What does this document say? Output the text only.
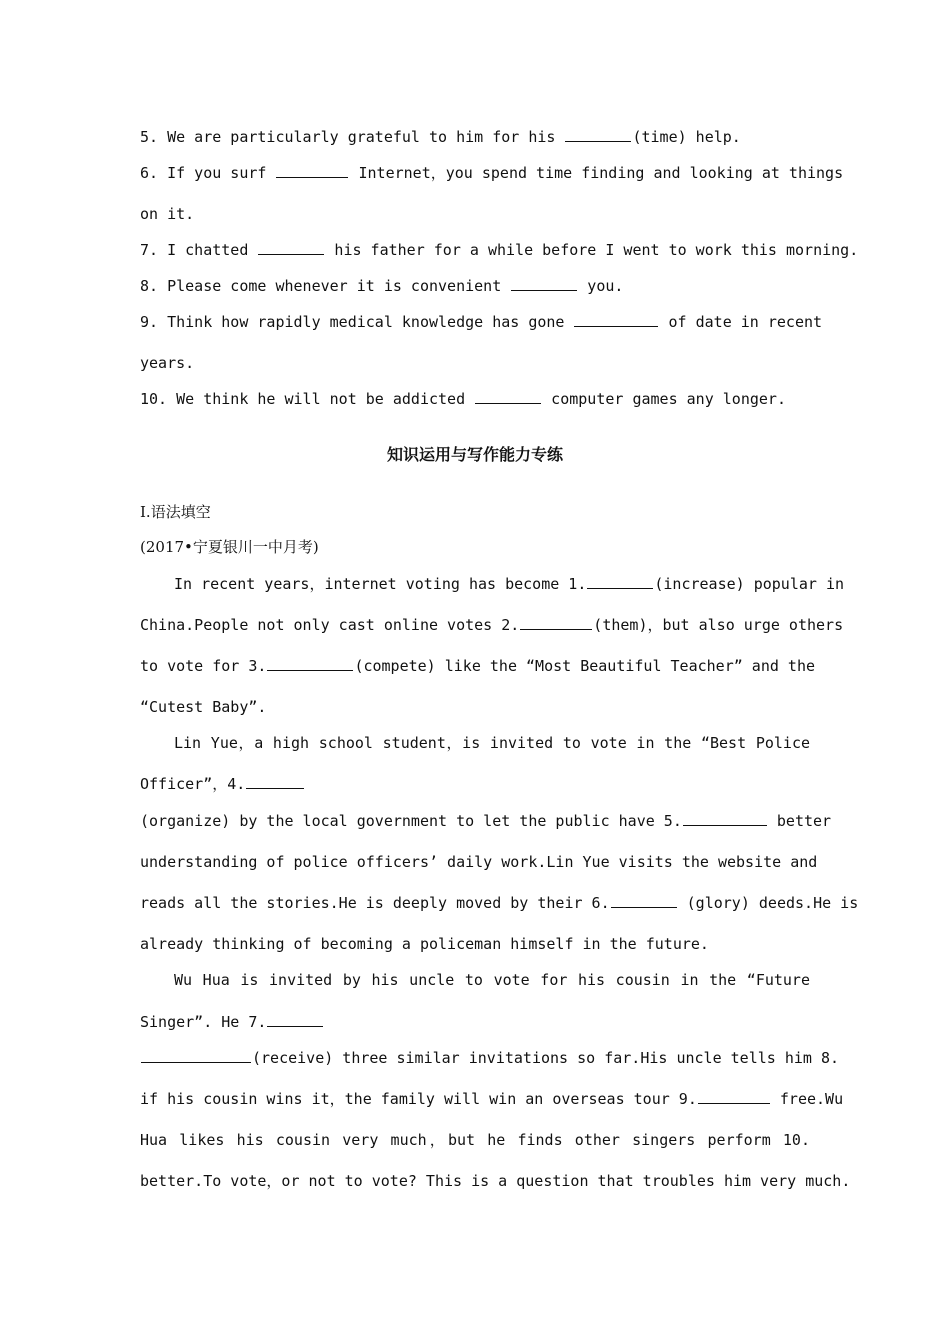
5. We are particularly grateful to him for his	(time) help.
6. If you surf	Internet，you spend time finding and looking at things
on it.
7. I chatted	his father for a while before I went to work this morning.
8. Please come whenever it is convenient	you.
9. Think how rapidly medical knowledge has gone	of date in recent
years.
10. We think he will not be addicted	computer games any longer.
知识运用与写作能力专练
Ⅰ.语法填空
(2017•宁夏银川一中月考)
In recent years，internet voting has become 1.	(increase) popular in
China.People not only cast online votes 2.	(them)，but also urge others
to vote for 3.	(compete) like the “Most Beautiful Teacher” and the
“Cutest Baby”.
Lin Yue，a high school student，is invited to vote in the “Best Police
Officer”，4.
(organize) by the local government to let the public have 5.	better
understanding of police officers’ daily work.Lin Yue visits the website and
reads all the stories.He is deeply moved by their 6.	(glory) deeds.He is
already thinking of becoming a policeman himself in the future.
Wu Hua is invited by his uncle to vote for his cousin in the “Future
Singer”. He 7.
(receive) three similar invitations so far.His uncle tells him 8.
if his cousin wins it，the family will win an overseas tour 9.	free.Wu
Hua likes his cousin very much，but he finds other singers perform 10.
better.To vote，or not to vote? This is a question that troubles him very much.
